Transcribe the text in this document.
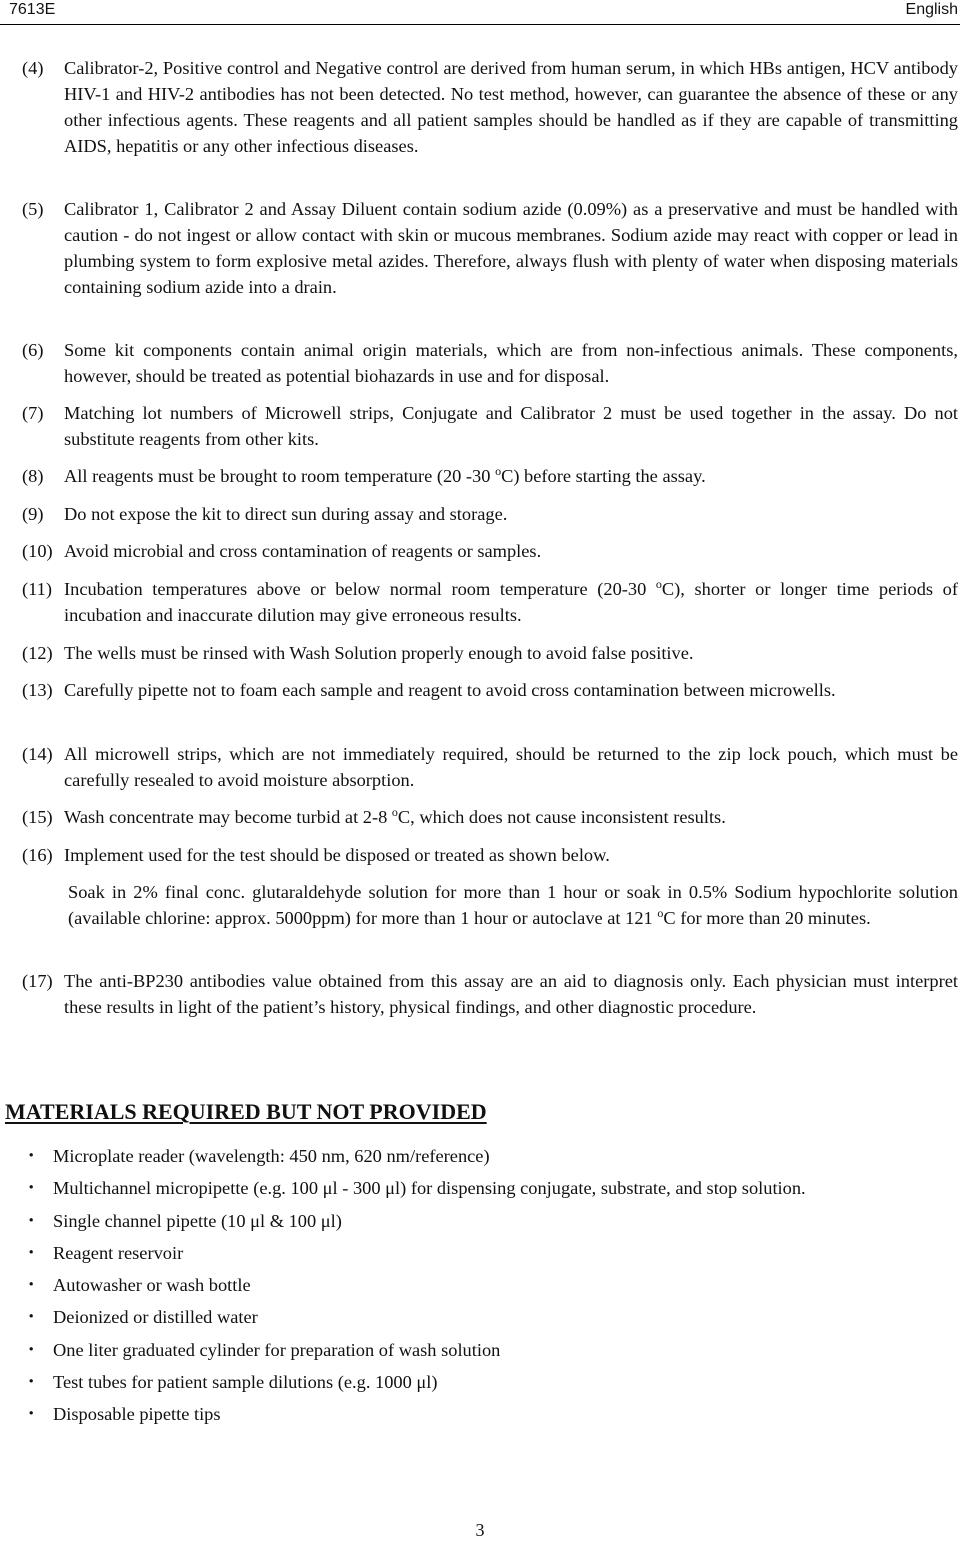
7613E	English
(4)	Calibrator-2, Positive control and Negative control are derived from human serum, in which HBs antigen, HCV antibody HIV-1 and HIV-2 antibodies has not been detected. No test method, however, can guarantee the absence of these or any other infectious agents. These reagents and all patient samples should be handled as if they are capable of transmitting AIDS, hepatitis or any other infectious diseases.
(5)	Calibrator 1, Calibrator 2 and Assay Diluent contain sodium azide (0.09%) as a preservative and must be handled with caution - do not ingest or allow contact with skin or mucous membranes. Sodium azide may react with copper or lead in plumbing system to form explosive metal azides. Therefore, always flush with plenty of water when disposing materials containing sodium azide into a drain.
(6)	Some kit components contain animal origin materials, which are from non-infectious animals. These components, however, should be treated as potential biohazards in use and for disposal.
(7)	Matching lot numbers of Microwell strips, Conjugate and Calibrator 2 must be used together in the assay. Do not substitute reagents from other kits.
(8)	All reagents must be brought to room temperature (20 -30 $^o$C) before starting the assay.
(9)	Do not expose the kit to direct sun during assay and storage.
(10) Avoid microbial and cross contamination of reagents or samples.
(11) Incubation temperatures above or below normal room temperature (20-30 $^o$C), shorter or longer time periods of incubation and inaccurate dilution may give erroneous results.
(12) The wells must be rinsed with Wash Solution properly enough to avoid false positive.
(13) Carefully pipette not to foam each sample and reagent to avoid cross contamination between microwells.
(14) All microwell strips, which are not immediately required, should be returned to the zip lock pouch, which must be carefully resealed to avoid moisture absorption.
(15) Wash concentrate may become turbid at 2-8 $^o$C, which does not cause inconsistent results.
(16) Implement used for the test should be disposed or treated as shown below.
Soak in 2% final conc. glutaraldehyde solution for more than 1 hour or soak in 0.5% Sodium hypochlorite solution (available chlorine: approx. 5000ppm) for more than 1 hour or autoclave at 121 $^o$C for more than 20 minutes.
(17) The anti-BP230 antibodies value obtained from this assay are an aid to diagnosis only. Each physician must interpret these results in light of the patient’s history, physical findings, and other diagnostic procedure.
MATERIALS REQUIRED BUT NOT PROVIDED
・ Microplate reader (wavelength: 450 nm, 620 nm/reference)
・ Multichannel micropipette (e.g. 100 μl - 300 μl) for dispensing conjugate, substrate, and stop solution.
・ Single channel pipette (10 μl & 100 μl)
・ Reagent reservoir
・ Autowasher or wash bottle
・ Deionized or distilled water
・ One liter graduated cylinder for preparation of wash solution
・ Test tubes for patient sample dilutions (e.g. 1000 μl)
・ Disposable pipette tips
3
